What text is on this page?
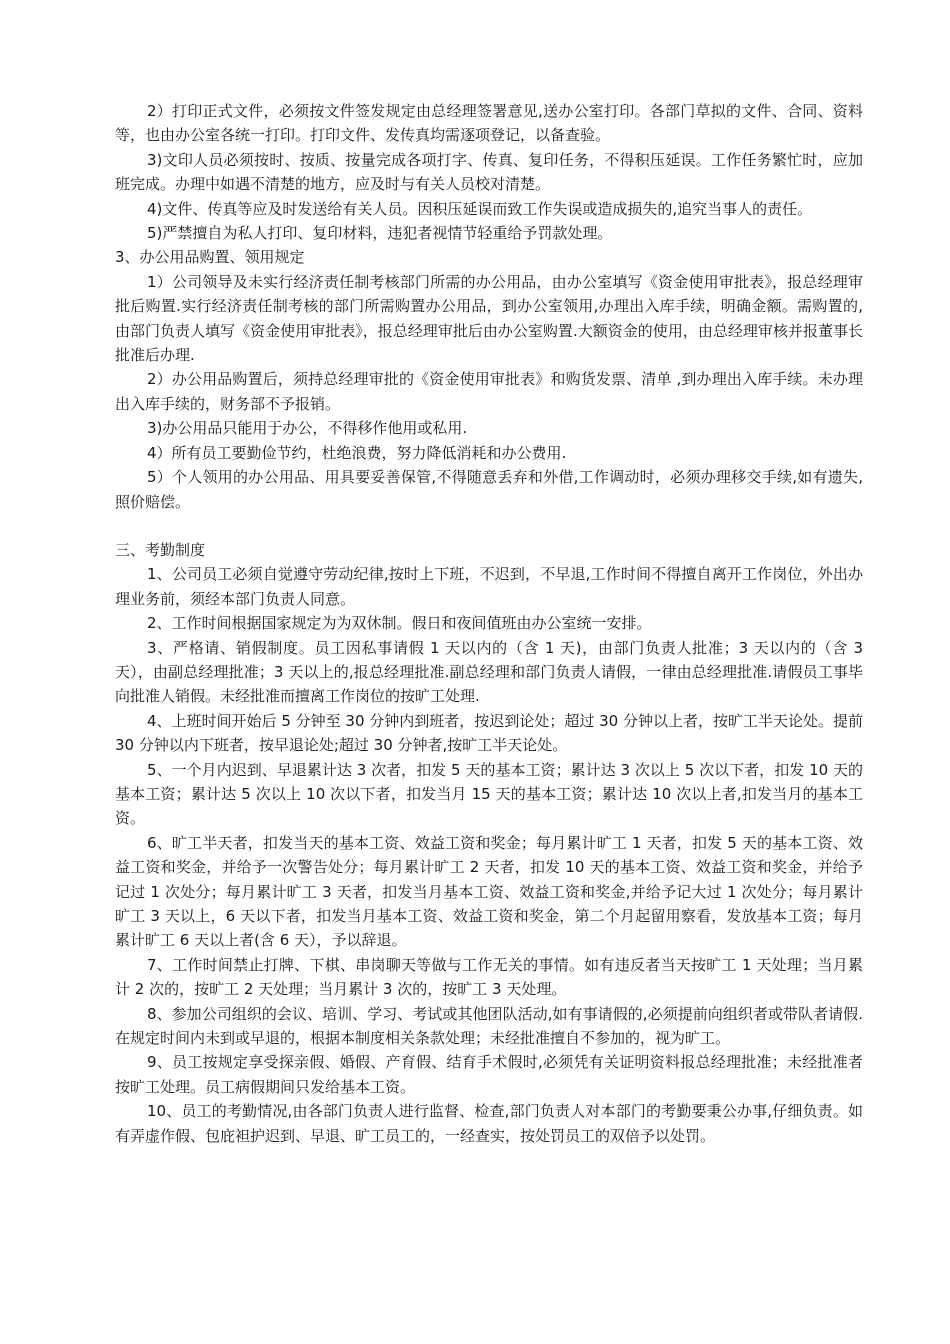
2）打印正式文件，必须按文件签发规定由总经理签署意见,送办公室打印。各部门草拟的文件、合同、资料等，也由办公室各统一打印。打印文件、发传真均需逐项登记，以备查验。

3)文印人员必须按时、按质、按量完成各项打字、传真、复印任务，不得积压延误。工作任务繁忙时，应加班完成。办理中如遇不清楚的地方，应及时与有关人员校对清楚。

4)文件、传真等应及时发送给有关人员。因积压延误而致工作失误或造成损失的,追究当事人的责任。

5)严禁擅自为私人打印、复印材料，违犯者视情节轻重给予罚款处理。

3、办公用品购置、领用规定

1）公司领导及未实行经济责任制考核部门所需的办公用品，由办公室填写《资金使用审批表》，报总经理审批后购置.实行经济责任制考核的部门所需购置办公用品，到办公室领用,办理出入库手续，明确金额。需购置的,由部门负责人填写《资金使用审批表》，报总经理审批后由办公室购置.大额资金的使用，由总经理审核并报董事长批准后办理.

2）办公用品购置后，须持总经理审批的《资金使用审批表》和购货发票、清单 ,到办理出入库手续。未办理出入库手续的，财务部不予报销。

3)办公用品只能用于办公，不得移作他用或私用.

4）所有员工要勤俭节约，杜绝浪费，努力降低消耗和办公费用.

5）个人领用的办公用品、用具要妥善保管,不得随意丢弃和外借,工作调动时，必须办理移交手续,如有遗失,照价赔偿。

三、考勤制度

1、公司员工必须自觉遵守劳动纪律,按时上下班，不迟到，不早退,工作时间不得擅自离开工作岗位，外出办理业务前，须经本部门负责人同意。

2、工作时间根据国家规定为为双休制。假日和夜间值班由办公室统一安排。

3、严格请、销假制度。员工因私事请假 1 天以内的（含 1 天)，由部门负责人批准；3 天以内的（含 3 天），由副总经理批准；3 天以上的,报总经理批准.副总经理和部门负责人请假，一律由总经理批准.请假员工事毕向批准人销假。未经批准而擅离工作岗位的按旷工处理.

4、上班时间开始后 5 分钟至 30 分钟内到班者，按迟到论处；超过 30 分钟以上者，按旷工半天论处。提前 30 分钟以内下班者，按早退论处;超过 30 分钟者,按旷工半天论处。

5、一个月内迟到、早退累计达 3 次者，扣发 5 天的基本工资；累计达 3 次以上 5 次以下者，扣发 10 天的基本工资；累计达 5 次以上 10 次以下者，扣发当月 15 天的基本工资；累计达 10 次以上者,扣发当月的基本工资。

6、旷工半天者，扣发当天的基本工资、效益工资和奖金；每月累计旷工 1 天者，扣发 5 天的基本工资、效益工资和奖金，并给予一次警告处分；每月累计旷工 2 天者，扣发 10 天的基本工资、效益工资和奖金，并给予记过 1 次处分；每月累计旷工 3 天者，扣发当月基本工资、效益工资和奖金,并给予记大过 1 次处分；每月累计旷工 3 天以上，6 天以下者，扣发当月基本工资、效益工资和奖金，第二个月起留用察看，发放基本工资；每月累计旷工 6 天以上者(含 6 天），予以辞退。

7、工作时间禁止打牌、下棋、串岗聊天等做与工作无关的事情。如有违反者当天按旷工 1 天处理；当月累计 2 次的，按旷工 2 天处理；当月累计 3 次的，按旷工 3 天处理。

8、参加公司组织的会议、培训、学习、考试或其他团队活动,如有事请假的,必须提前向组织者或带队者请假.在规定时间内未到或早退的，根据本制度相关条款处理；未经批准擅自不参加的，视为旷工。

9、员工按规定享受探亲假、婚假、产育假、结育手术假时,必须凭有关证明资料报总经理批准；未经批准者按旷工处理。员工病假期间只发给基本工资。

10、员工的考勤情况,由各部门负责人进行监督、检查,部门负责人对本部门的考勤要秉公办事,仔细负责。如有弄虚作假、包庇袒护迟到、早退、旷工员工的，一经查实，按处罚员工的双倍予以处罚。
